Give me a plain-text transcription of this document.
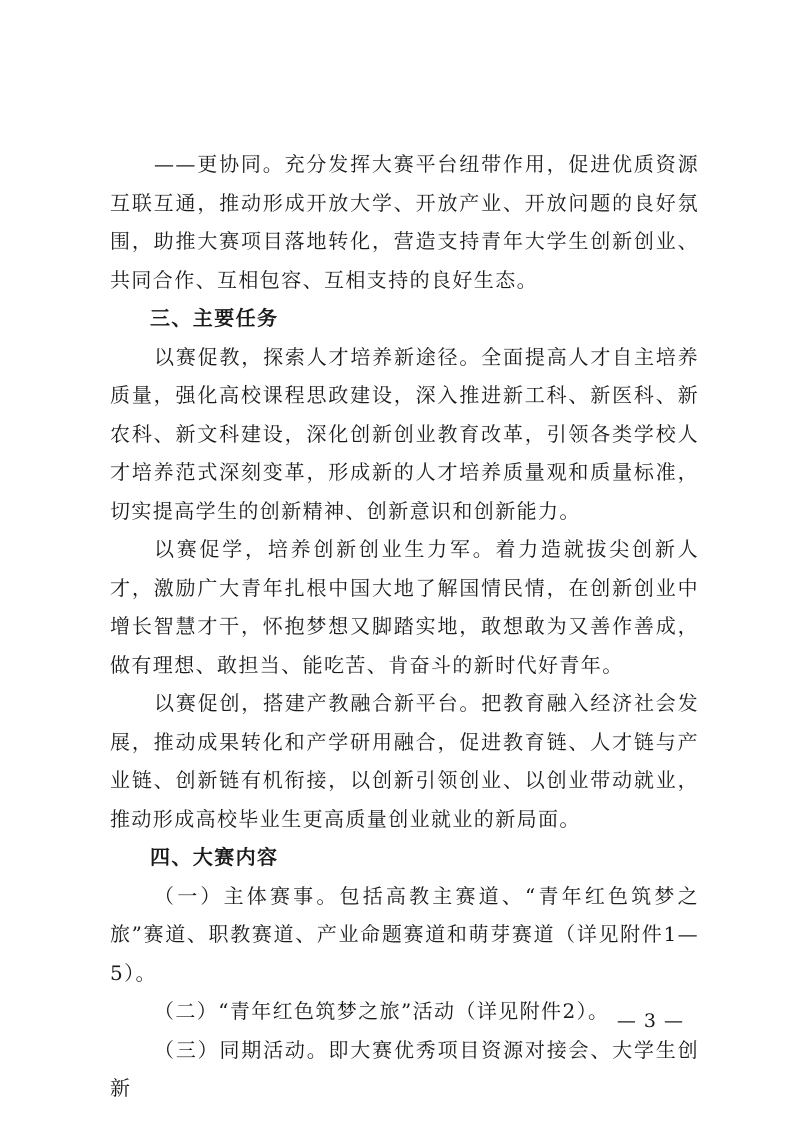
——更协同。充分发挥大赛平台纽带作用，促进优质资源互联互通，推动形成开放大学、开放产业、开放问题的良好氛围，助推大赛项目落地转化，营造支持青年大学生创新创业、共同合作、互相包容、互相支持的良好生态。

三、主要任务

以赛促教，探索人才培养新途径。全面提高人才自主培养质量，强化高校课程思政建设，深入推进新工科、新医科、新农科、新文科建设，深化创新创业教育改革，引领各类学校人才培养范式深刻变革，形成新的人才培养质量观和质量标准，切实提高学生的创新精神、创新意识和创新能力。

以赛促学，培养创新创业生力军。着力造就拔尖创新人才，激励广大青年扎根中国大地了解国情民情，在创新创业中增长智慧才干，怀抱梦想又脚踏实地，敢想敢为又善作善成，做有理想、敢担当、能吃苦、肯奋斗的新时代好青年。

以赛促创，搭建产教融合新平台。把教育融入经济社会发展，推动成果转化和产学研用融合，促进教育链、人才链与产业链、创新链有机衔接，以创新引领创业、以创业带动就业，推动形成高校毕业生更高质量创业就业的新局面。

四、大赛内容

（一）主体赛事。包括高教主赛道、“青年红色筑梦之旅”赛道、职教赛道、产业命题赛道和萌芽赛道（详见附件1—5）。

（二）“青年红色筑梦之旅”活动（详见附件2）。

（三）同期活动。即大赛优秀项目资源对接会、大学生创新

— 3 —
